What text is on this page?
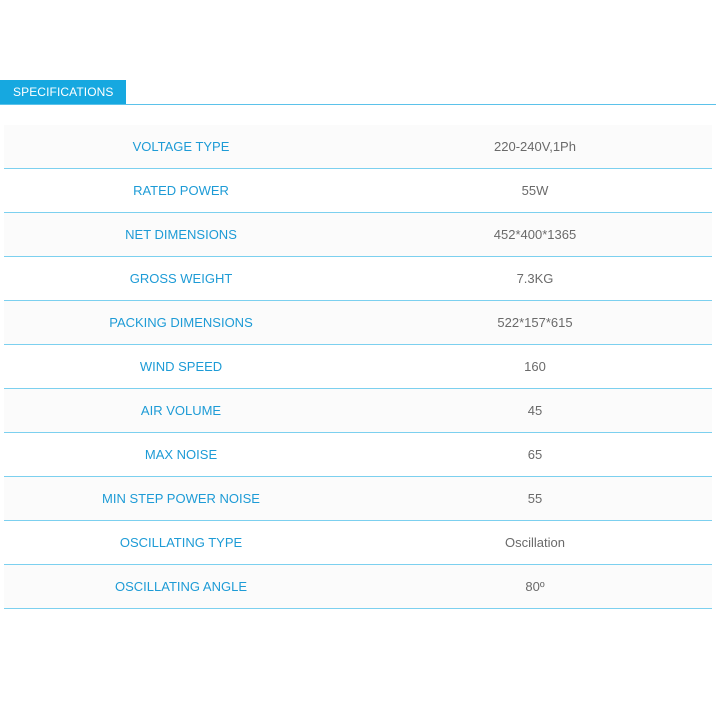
SPECIFICATIONS
VOLTAGE TYPE	220-240V,1Ph
RATED POWER	55W
NET DIMENSIONS	452*400*1365
GROSS WEIGHT	7.3KG
PACKING DIMENSIONS	522*157*615
WIND SPEED	160
AIR VOLUME	45
MAX NOISE	65
MIN STEP POWER NOISE	55
OSCILLATING TYPE	Oscillation
OSCILLATING ANGLE	80º
